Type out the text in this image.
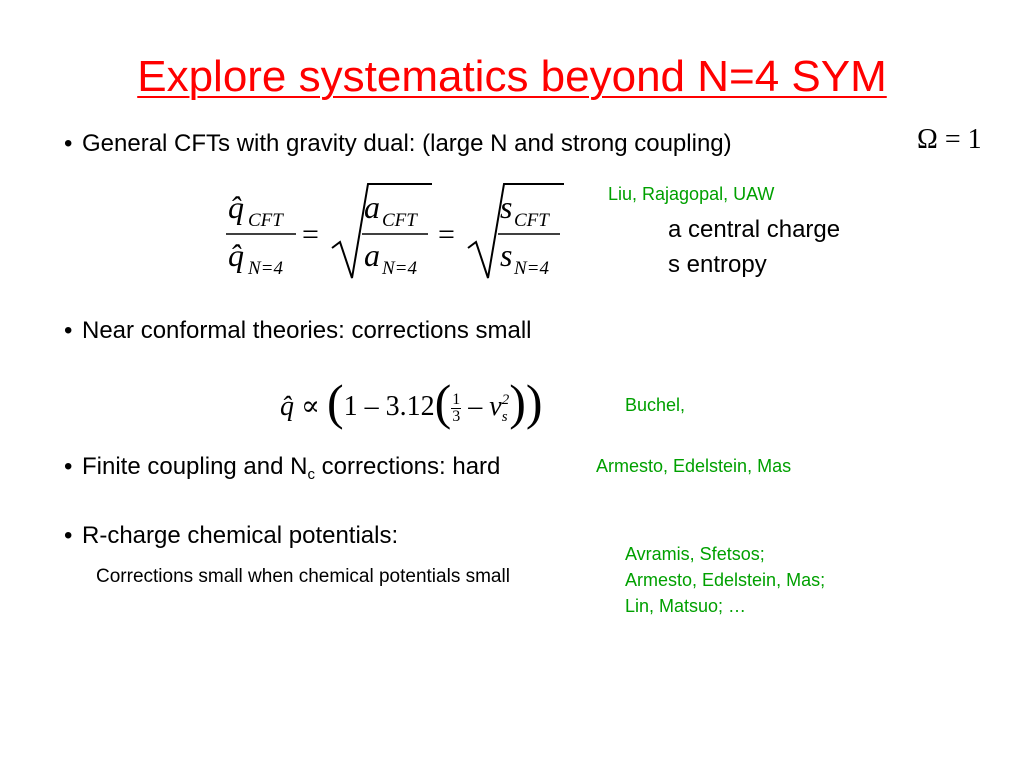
Explore systematics beyond N=4 SYM
• General CFTs with gravity dual: (large N and strong coupling)	Ω = 1
q̂ CFT
q̂ N=4
=
a CFT
a N=4
=
s CFT
s N=4
Liu, Rajagopal, UAW
a central charge
s entropy
• Near conformal theories: corrections small
q̂ ∝ ($1 - 3.12( \frac{1}{3}$ – v 2
s ))	Buchel,
• Finite coupling and $N_c$ corrections: hard	Armesto, Edelstein, Mas
• R-charge chemical potentials:
Corrections small when chemical potentials small
Avramis, Sfetsos;
Armesto, Edelstein, Mas;
Lin, Matsuo; …
